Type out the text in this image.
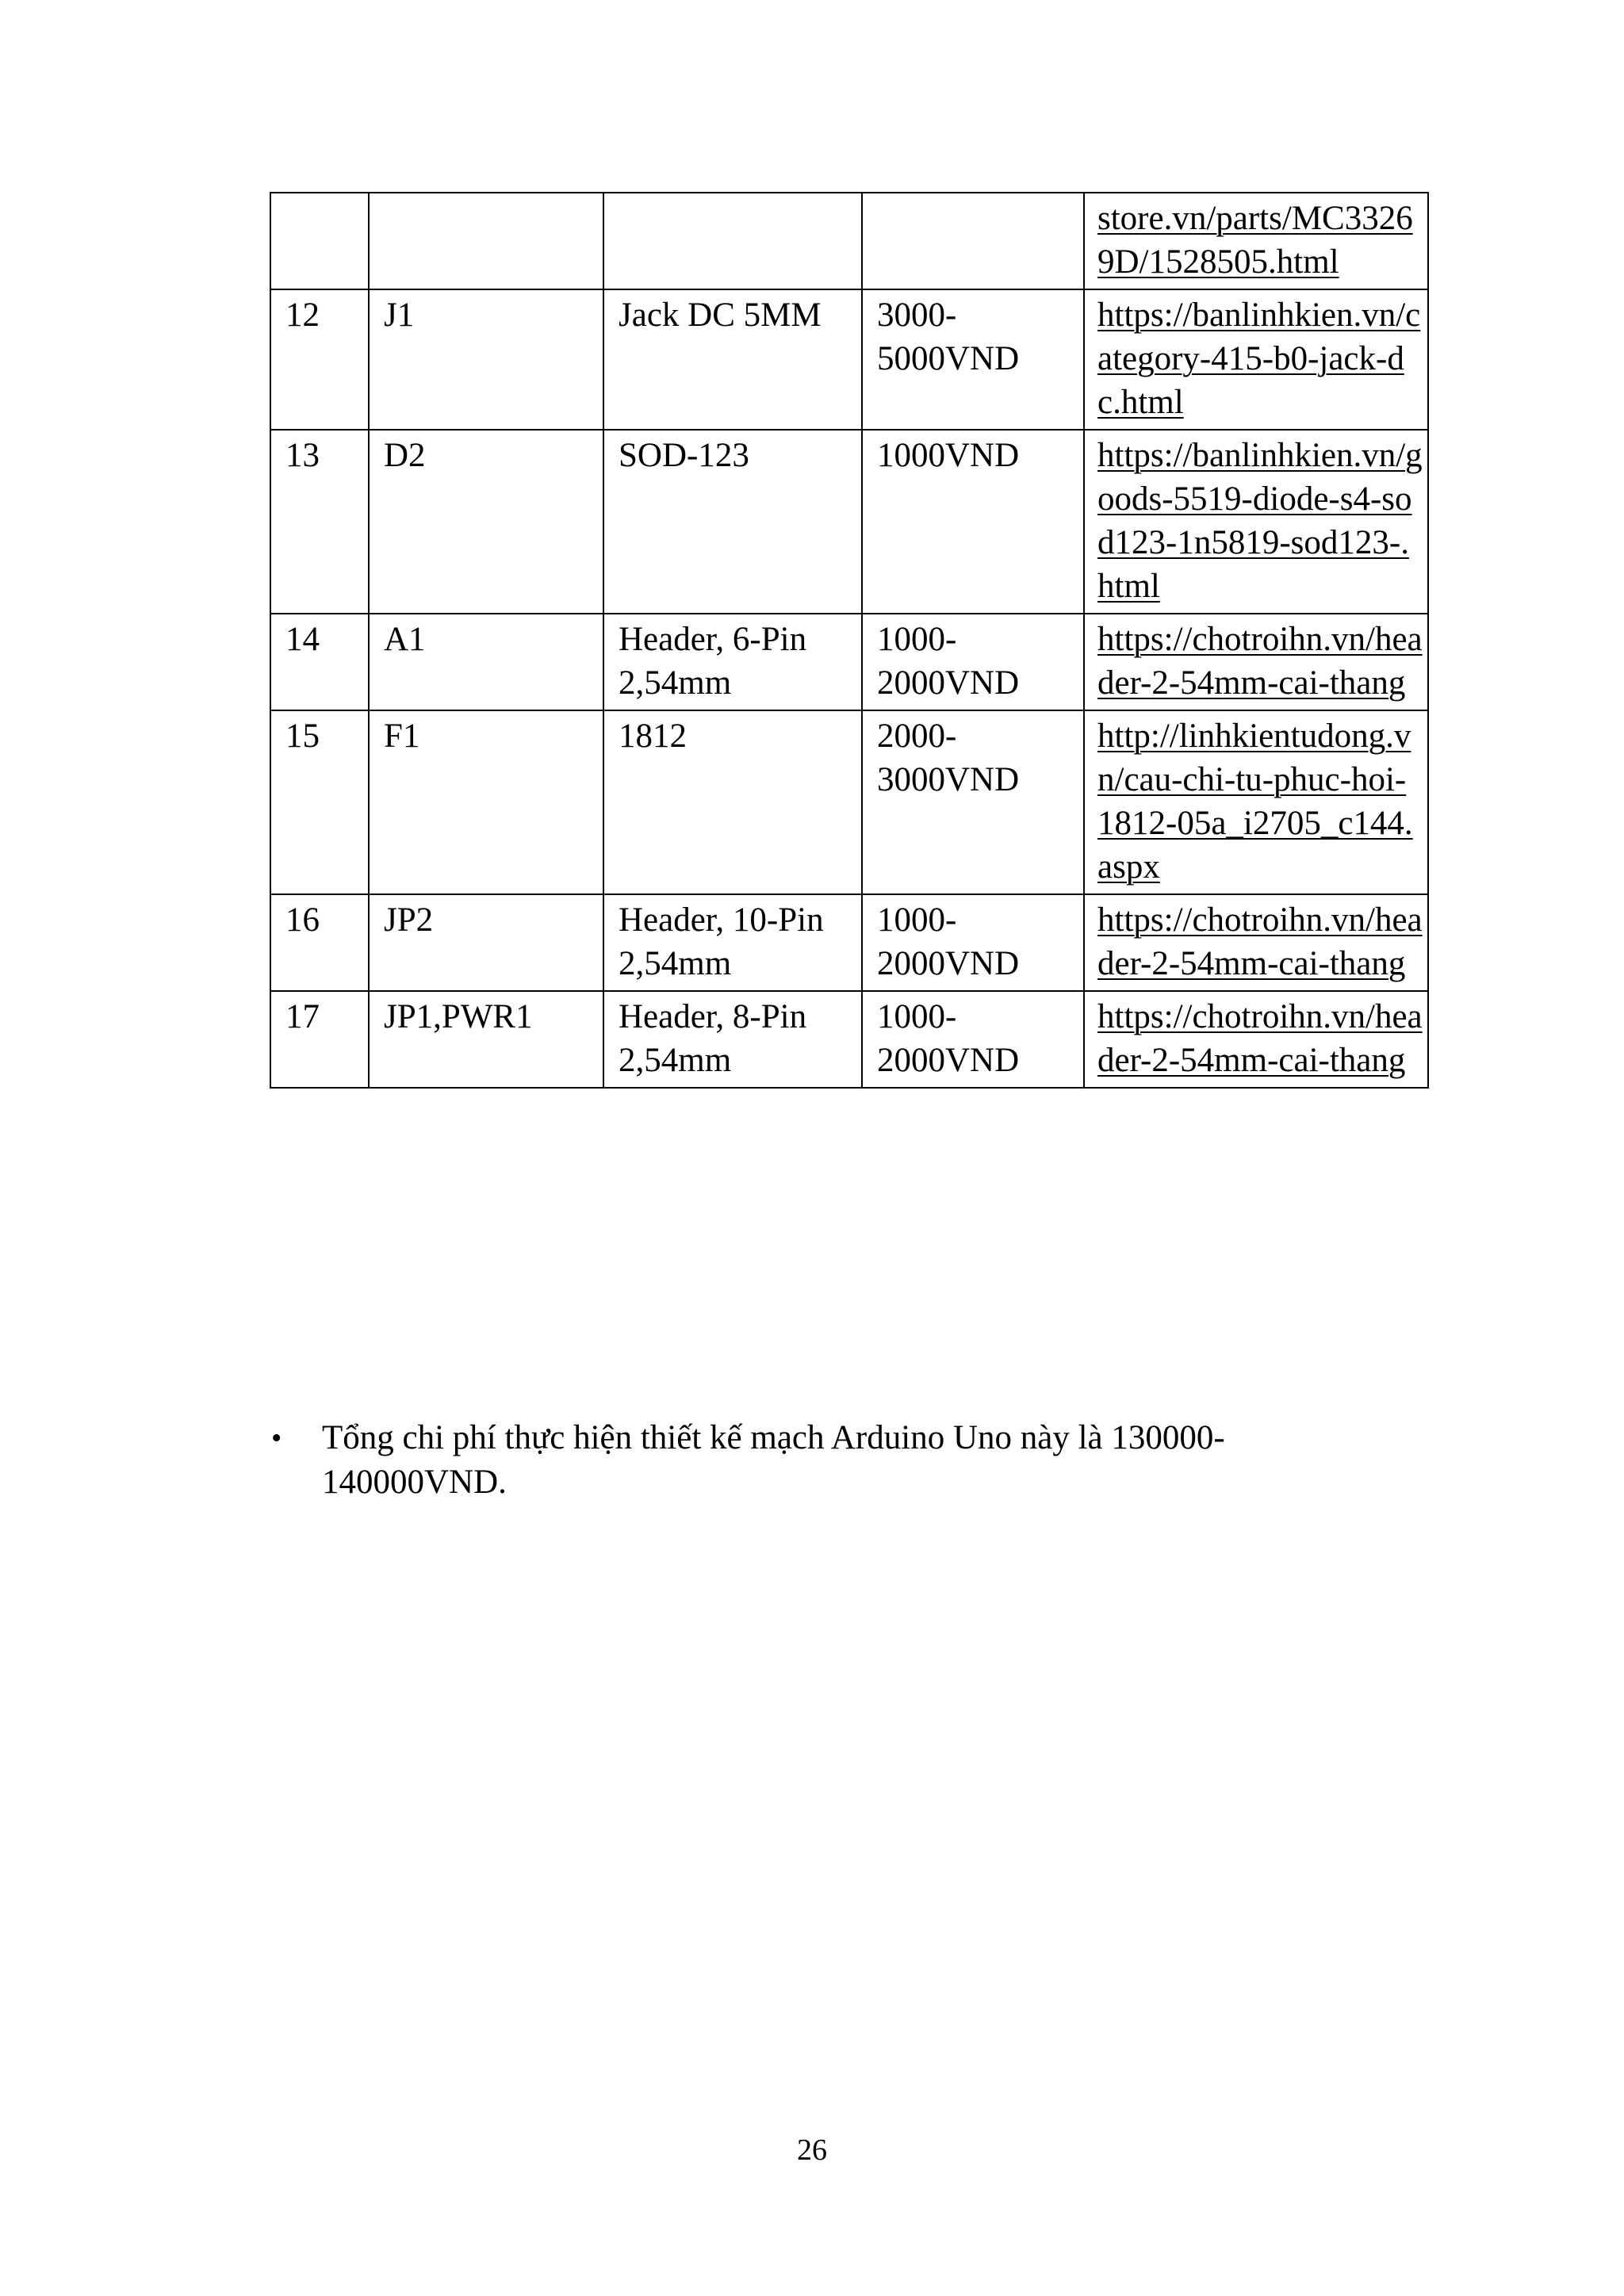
				store.vn/parts/MC33269D/1528505.html
12	J1	Jack DC 5MM	3000-5000VND	https://banlinhkien.vn/category-415-b0-jack-dc.html
13	D2	SOD-123	1000VND	https://banlinhkien.vn/goods-5519-diode-s4-sod123-1n5819-sod123-.html
14	A1	Header, 6-Pin 2,54mm	1000-2000VND	https://chotroihn.vn/header-2-54mm-cai-thang
15	F1	1812	2000-3000VND	http://linhkientudong.vn/cau-chi-tu-phuc-hoi-1812-05a_i2705_c144.aspx
16	JP2	Header, 10-Pin 2,54mm	1000-2000VND	https://chotroihn.vn/header-2-54mm-cai-thang
17	JP1,PWR1	Header, 8-Pin 2,54mm	1000-2000VND	https://chotroihn.vn/header-2-54mm-cai-thang
•	Tổng chi phí thực hiện thiết kế mạch Arduino Uno này là 130000-140000VND.
26
